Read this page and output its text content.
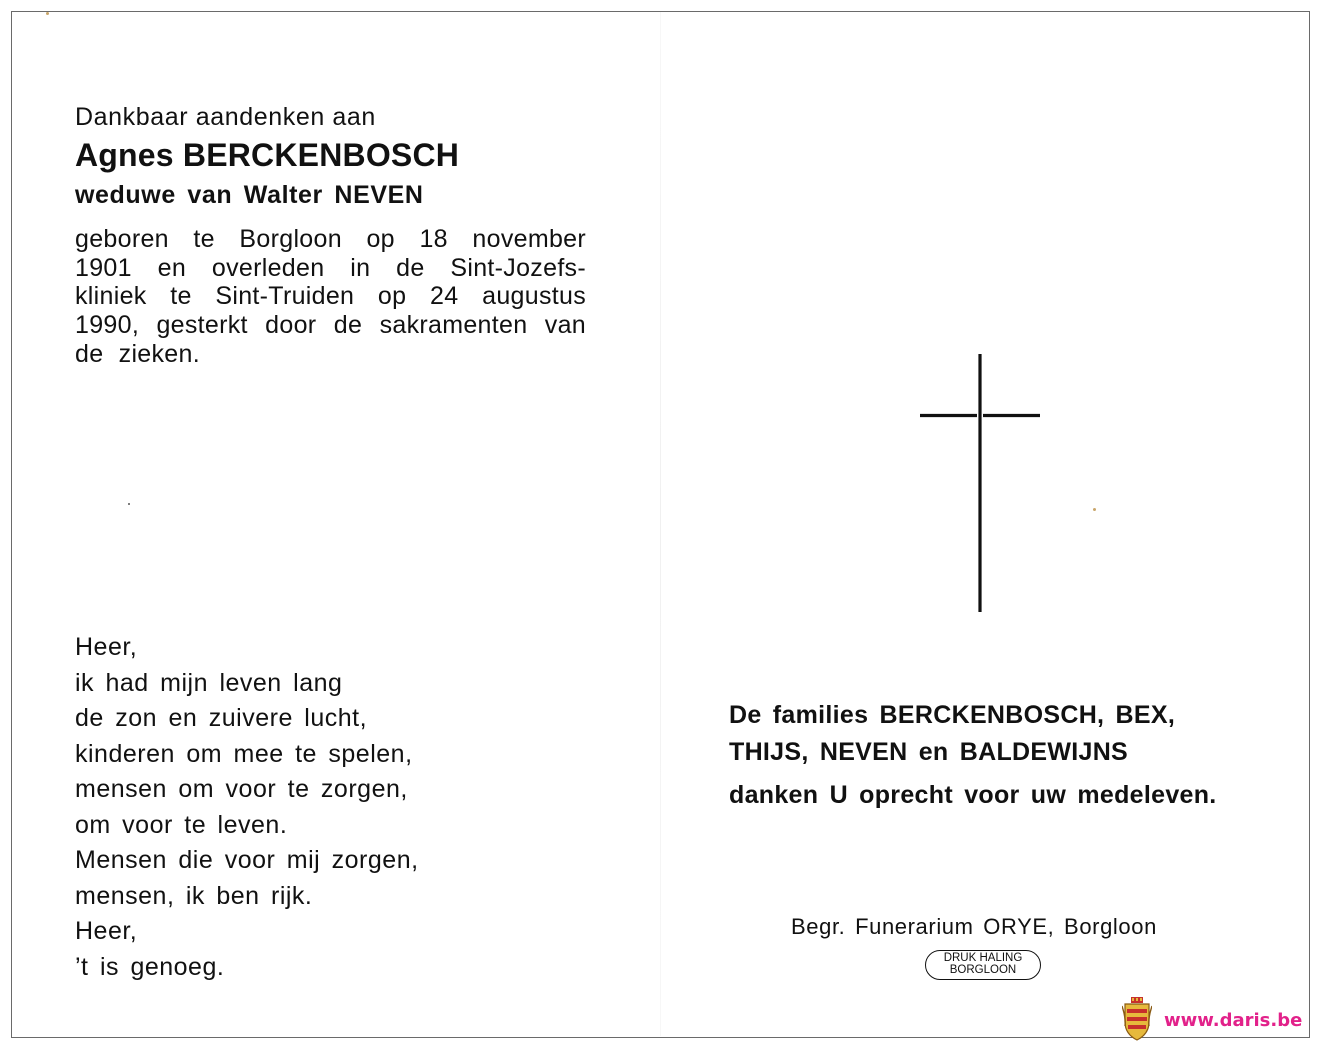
Dankbaar aandenken aan
Agnes BERCKENBOSCH
weduwe van Walter NEVEN
geboren te Borgloon op 18 november
1901 en overleden in de Sint-Jozefs-
kliniek te Sint-Truiden op 24 augustus
1990, gesterkt door de sakramenten van
de zieken.
Heer,
ik had mijn leven lang
de zon en zuivere lucht,
kinderen om mee te spelen,
mensen om voor te zorgen,
om voor te leven.
Mensen die voor mij zorgen,
mensen, ik ben rijk.
Heer,
’t is genoeg.
De families BERCKENBOSCH, BEX,
THIJS, NEVEN en BALDEWIJNS
danken U oprecht voor uw medeleven.
Begr. Funerarium ORYE, Borgloon
DRUK HALING
BORGLOON
www.daris.be
